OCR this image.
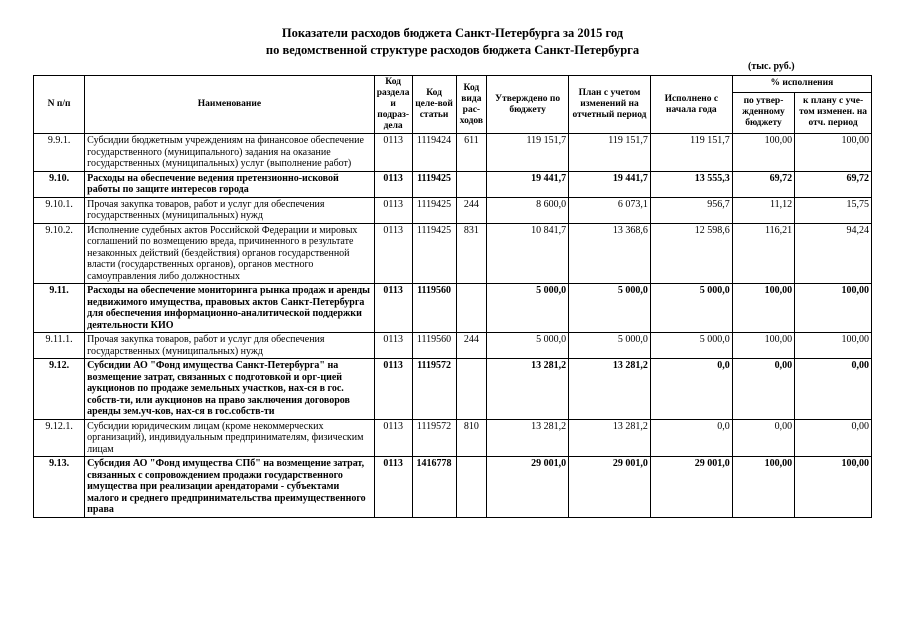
Показатели расходов бюджета Санкт-Петербурга за 2015 год
по ведомственной структуре расходов бюджета Санкт-Петербурга
(тыс. руб.)
N п/п	Наименование	Код раздела и подраз-дела	Код целе-вой статьи	Код вида рас-ходов	Утверждено по бюджету	План с учетом изменений на отчетный период	Исполнено с начала года	% исполнения	
								по утвер-жденному бюджету	к плану с уче-том изменен. на отч. период
9.9.1.	Субсидии бюджетным учреждениям на финансовое обеспечение государственного (муниципального) задания на оказание государственных (муниципальных) услуг (выполнение работ)	0113	1119424	611	119 151,7	119 151,7	119 151,7	100,00	100,00
9.10.	Расходы на обеспечение ведения претензионно-исковой работы по защите интересов города	0113	1119425		19 441,7	19 441,7	13 555,3	69,72	69,72
9.10.1.	Прочая закупка товаров, работ и услуг для обеспечения государственных (муниципальных) нужд	0113	1119425	244	8 600,0	6 073,1	956,7	11,12	15,75
9.10.2.	Исполнение судебных актов Российской Федерации и мировых соглашений по возмещению вреда, причиненного в результате незаконных действий (бездействия) органов государственной власти (государственных органов), органов местного самоуправления либо должностных	0113	1119425	831	10 841,7	13 368,6	12 598,6	116,21	94,24
9.11.	Расходы на обеспечение мониторинга рынка продаж и аренды недвижимого имущества, правовых актов Санкт-Петербурга для обеспечения информационно-аналитической поддержки деятельности КИО	0113	1119560		5 000,0	5 000,0	5 000,0	100,00	100,00
9.11.1.	Прочая закупка товаров, работ и услуг для обеспечения государственных (муниципальных) нужд	0113	1119560	244	5 000,0	5 000,0	5 000,0	100,00	100,00
9.12.	Субсидии АО "Фонд имущества Санкт-Петербурга" на возмещение затрат, связанных с подготовкой и орг-цией аукционов по продаже земельных участков, нах-ся в гос. собств-ти, или аукционов на право заключения договоров аренды зем.уч-ков, нах-ся в гос.собств-ти	0113	1119572		13 281,2	13 281,2	0,0	0,00	0,00
9.12.1.	Субсидии юридическим лицам (кроме некоммерческих организаций), индивидуальным предпринимателям, физическим лицам	0113	1119572	810	13 281,2	13 281,2	0,0	0,00	0,00
9.13.	Субсидия АО "Фонд имущества СПб" на возмещение затрат, связанных с сопровождением продажи государственного имущества при реализации арендаторами - субъектами малого и среднего предпринимательства преимущественного права	0113	1416778		29 001,0	29 001,0	29 001,0	100,00	100,00
